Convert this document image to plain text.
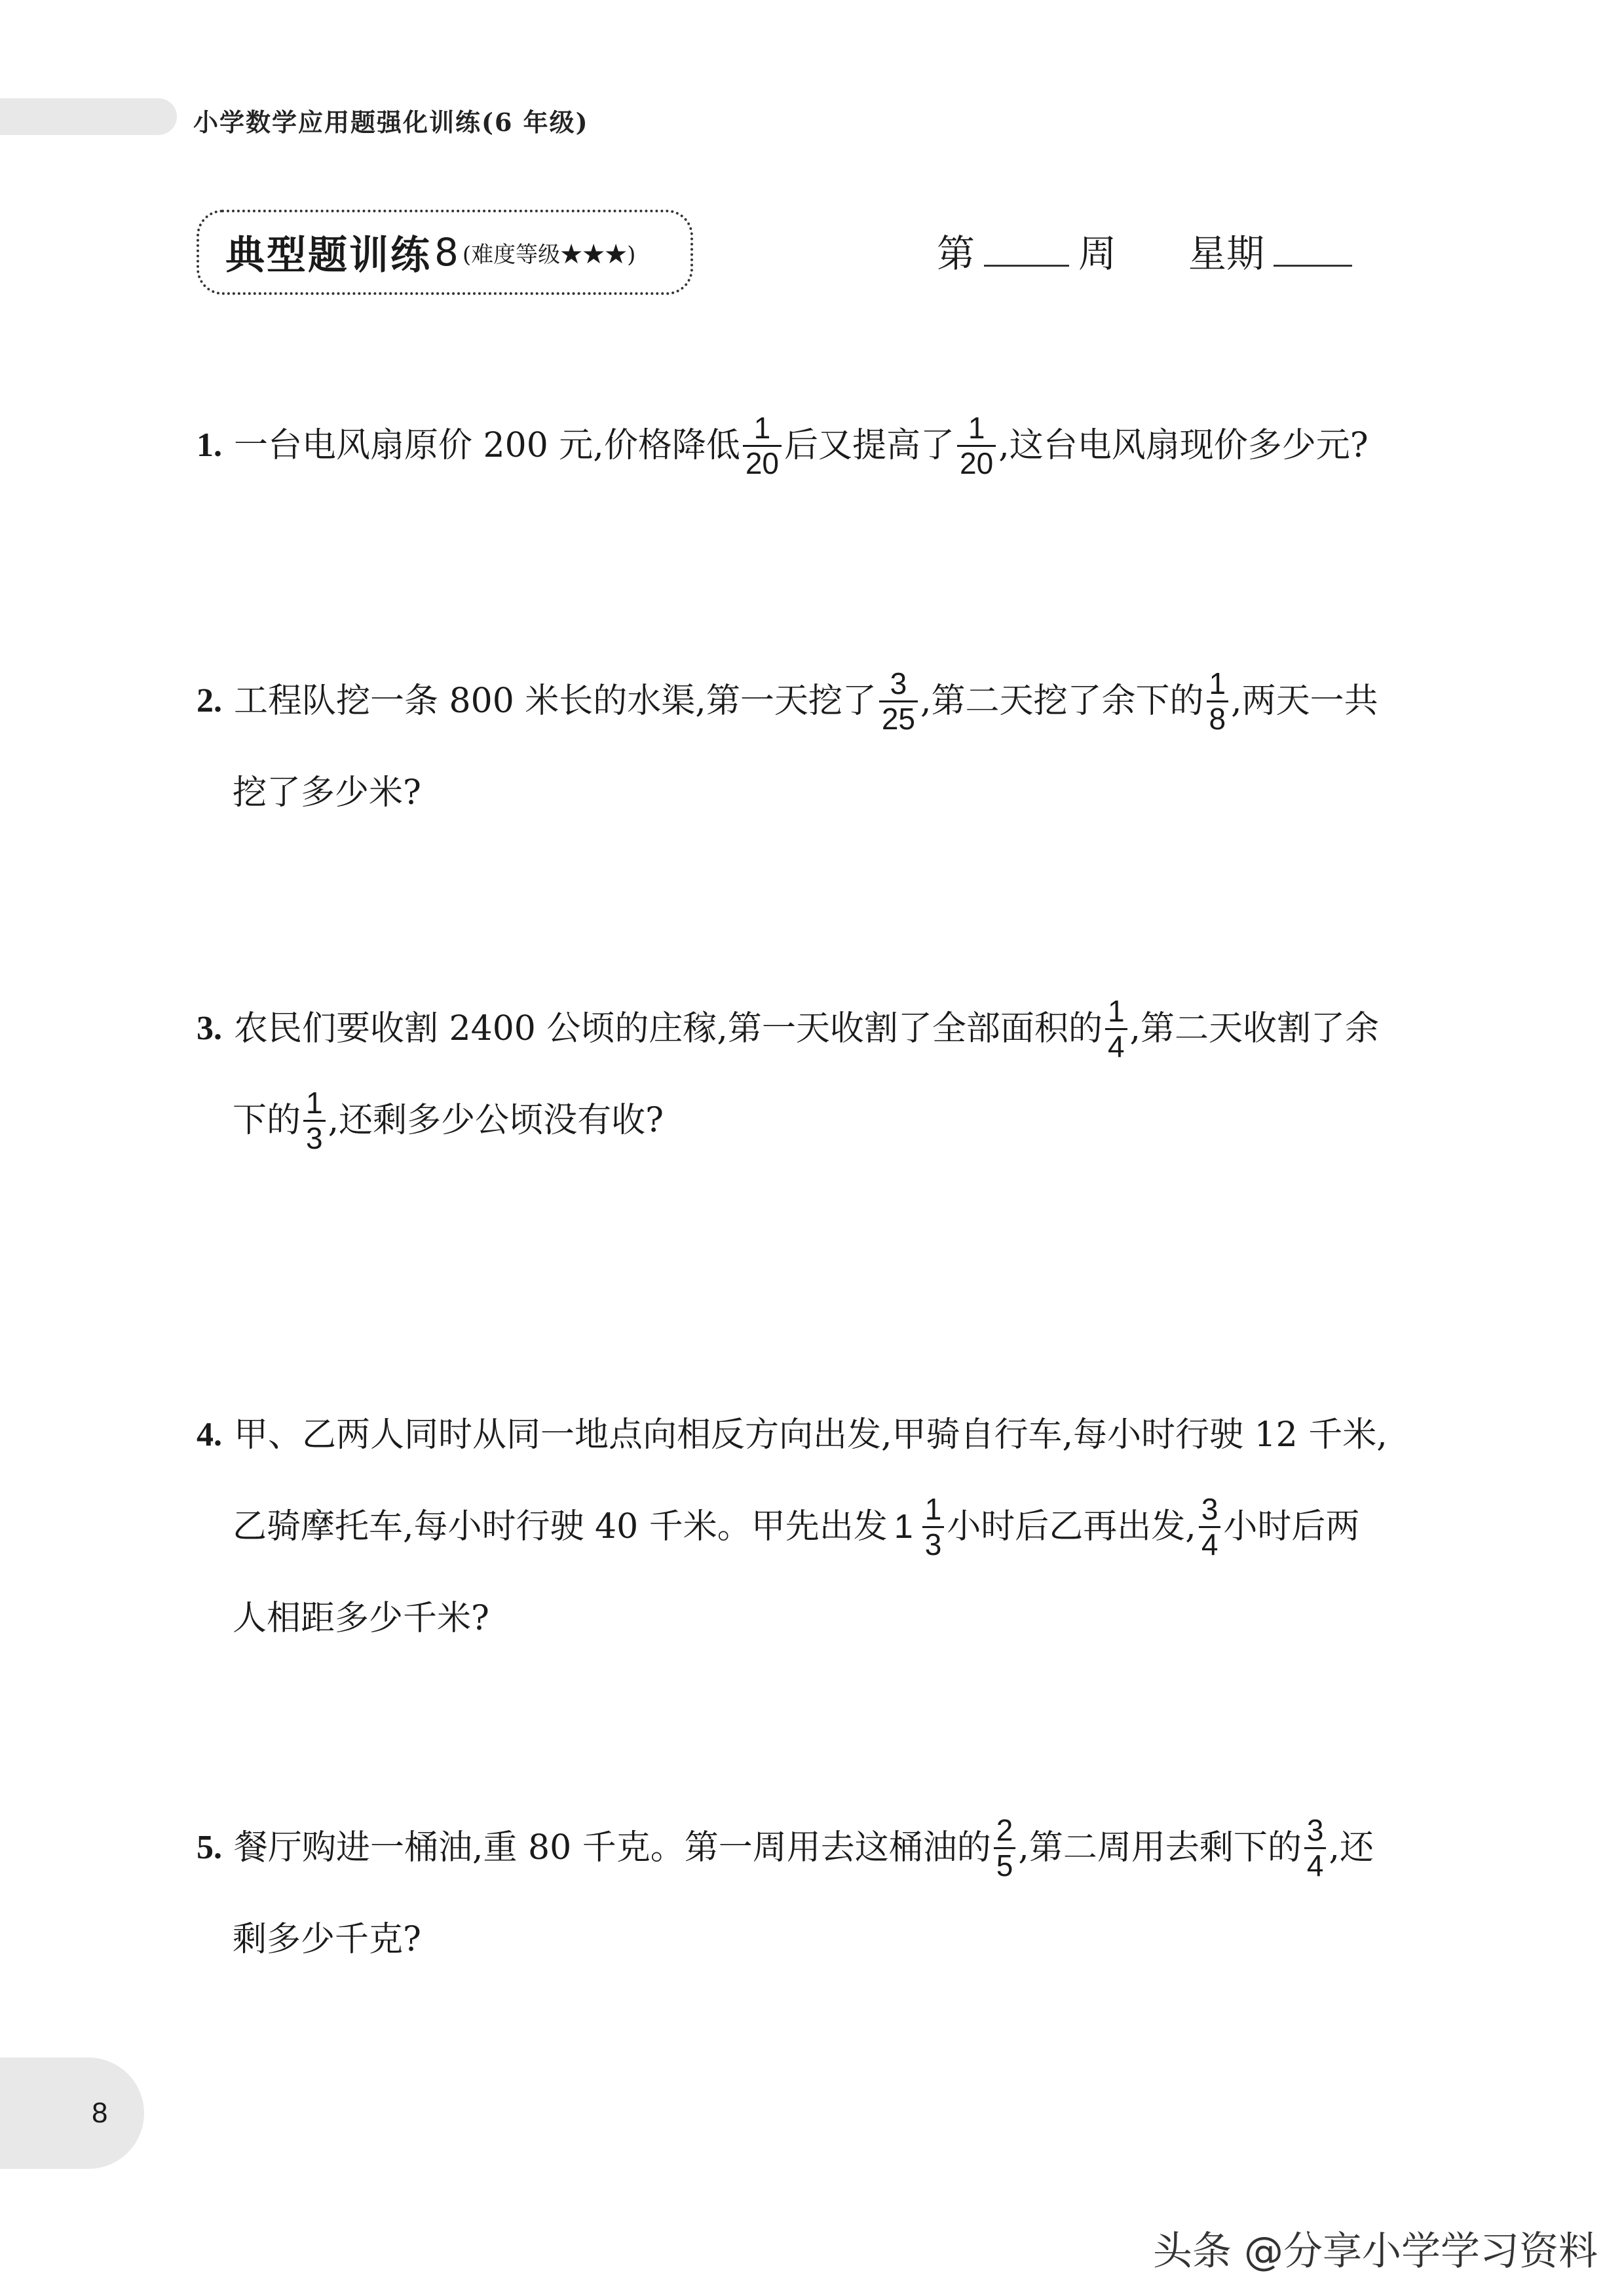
小学数学应用题强化训练(6 年级)
典型题训练 8 (难度等级★★★)	第	周 星期
1. 一台电风扇原价 200 元,价格降低 $\frac{1}{20}$ 后又提高了 $\frac{1}{20}$ ,这台电风扇现价多少元?
2. 工程队挖一条 800 米长的水渠,第一天挖了 $\frac{3}{25}$ ,第二天挖了余下的 $\frac{1}{8}$ ,两天一共
挖了多少米?
3. 农民们要收割 2400 公顷的庄稼,第一天收割了全部面积的 $\frac{1}{4}$ ,第二天收割了余
下的 $\frac{1}{3}$ ,还剩多少公顷没有收?
4. 甲、乙两人同时从同一地点向相反方向出发,甲骑自行车,每小时行驶 12 千米,
乙骑摩托车,每小时行驶 40 千米。甲先出发 $1 \frac{1}{3}$ 小时后乙再出发, $\frac{3}{4}$ 小时后两
人相距多少千米?
5. 餐厅购进一桶油,重 80 千克。第一周用去这桶油的 $\frac{2}{5}$ ,第二周用去剩下的 $\frac{3}{4}$ ,还
剩多少千克?
8
头条 @分享小学学习资料
